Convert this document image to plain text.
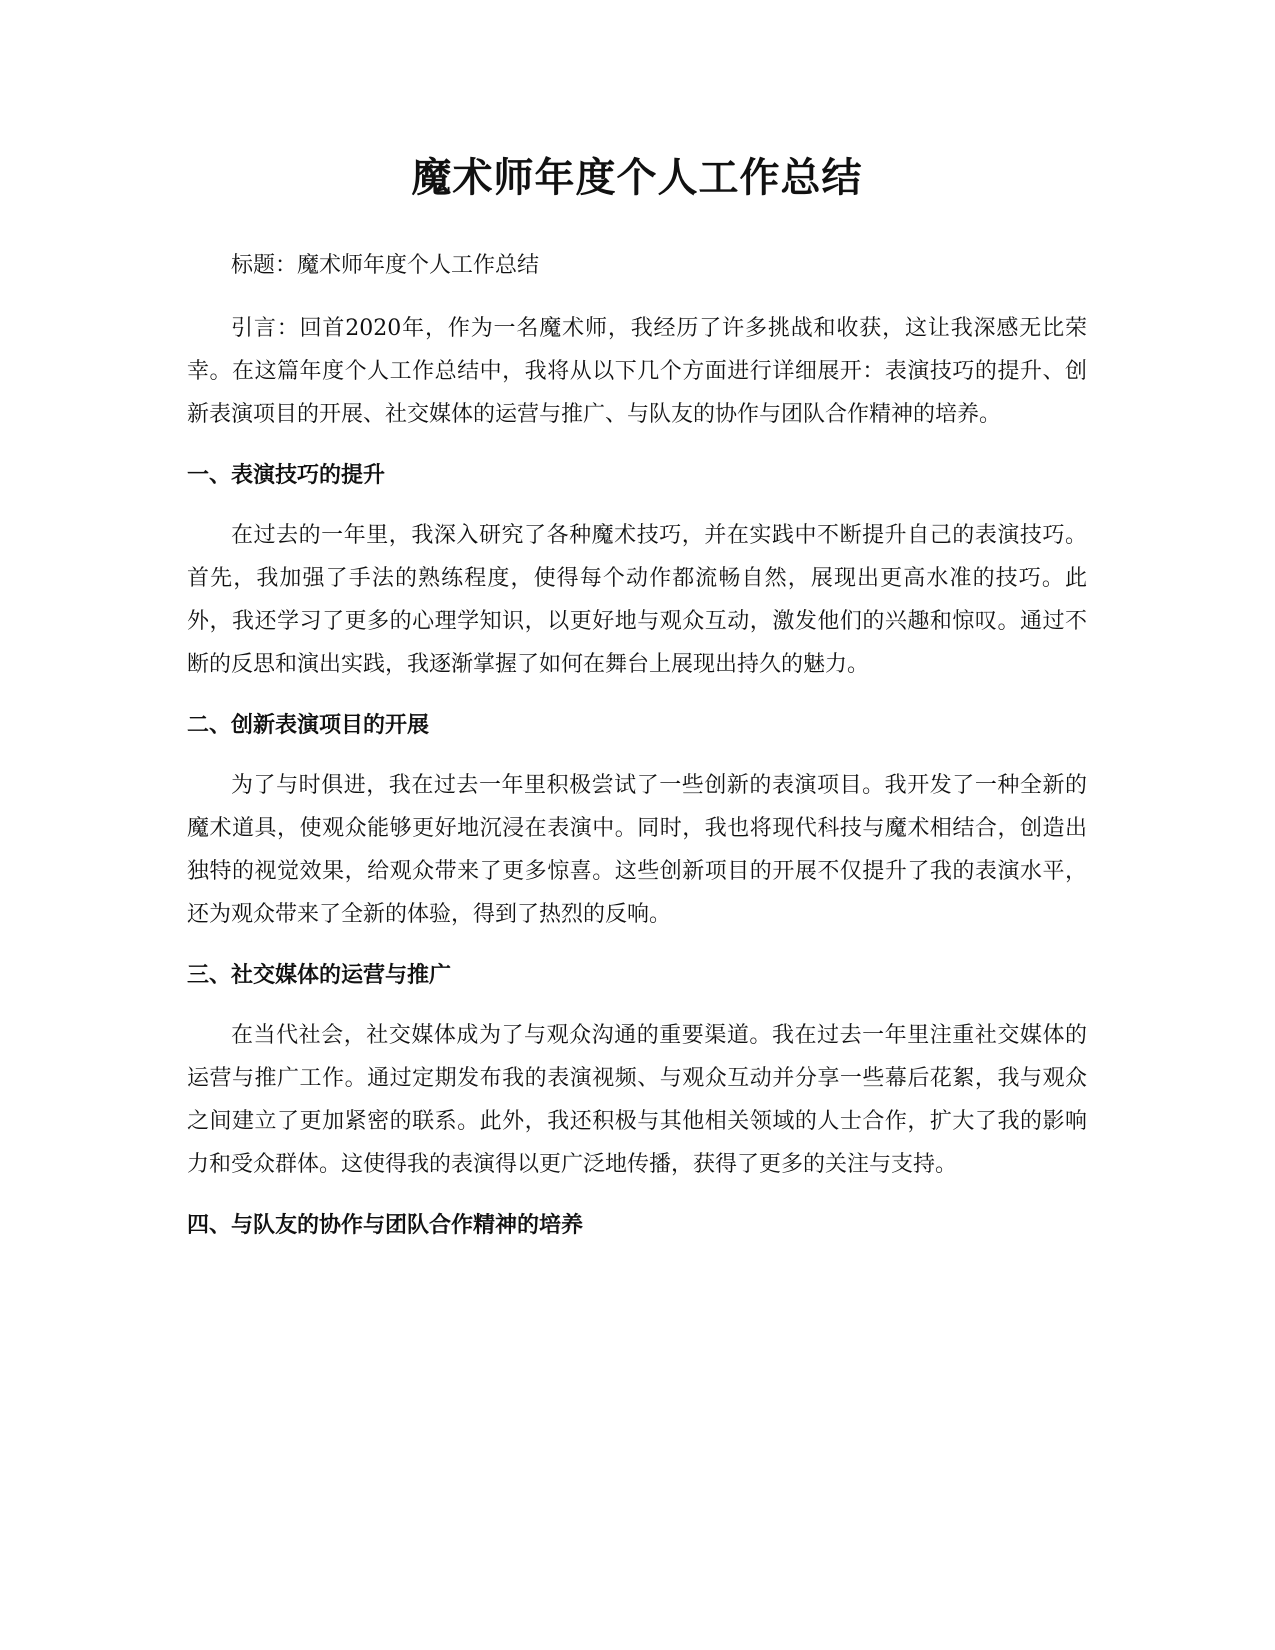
魔术师年度个人工作总结

标题：魔术师年度个人工作总结

引言：回首2020年，作为一名魔术师，我经历了许多挑战和收获，这让我深感无比荣幸。在这篇年度个人工作总结中，我将从以下几个方面进行详细展开：表演技巧的提升、创新表演项目的开展、社交媒体的运营与推广、与队友的协作与团队合作精神的培养。

一、表演技巧的提升

在过去的一年里，我深入研究了各种魔术技巧，并在实践中不断提升自己的表演技巧。首先，我加强了手法的熟练程度，使得每个动作都流畅自然，展现出更高水准的技巧。此外，我还学习了更多的心理学知识，以更好地与观众互动，激发他们的兴趣和惊叹。通过不断的反思和演出实践，我逐渐掌握了如何在舞台上展现出持久的魅力。

二、创新表演项目的开展

为了与时俱进，我在过去一年里积极尝试了一些创新的表演项目。我开发了一种全新的魔术道具，使观众能够更好地沉浸在表演中。同时，我也将现代科技与魔术相结合，创造出独特的视觉效果，给观众带来了更多惊喜。这些创新项目的开展不仅提升了我的表演水平，还为观众带来了全新的体验，得到了热烈的反响。

三、社交媒体的运营与推广

在当代社会，社交媒体成为了与观众沟通的重要渠道。我在过去一年里注重社交媒体的运营与推广工作。通过定期发布我的表演视频、与观众互动并分享一些幕后花絮，我与观众之间建立了更加紧密的联系。此外，我还积极与其他相关领域的人士合作，扩大了我的影响力和受众群体。这使得我的表演得以更广泛地传播，获得了更多的关注与支持。

四、与队友的协作与团队合作精神的培养
